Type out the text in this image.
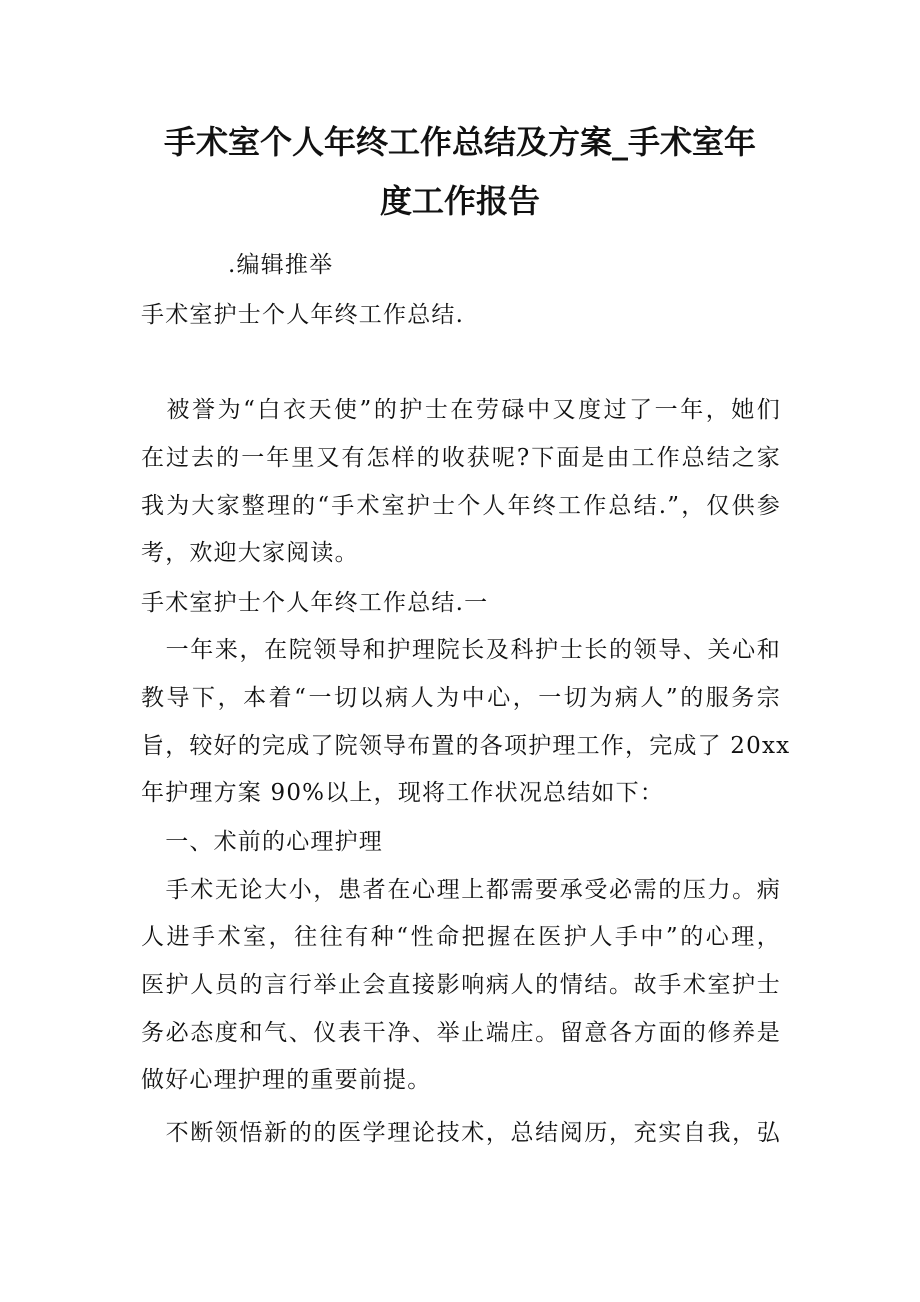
手术室个人年终工作总结及方案_手术室年
度工作报告
.编辑推举
手术室护士个人年终工作总结.
　被誉为“白衣天使”的护士在劳碌中又度过了一年，她们
在过去的一年里又有怎样的收获呢?下面是由工作总结之家
我为大家整理的“手术室护士个人年终工作总结.”，仅供参
考，欢迎大家阅读。
手术室护士个人年终工作总结.一
　一年来，在院领导和护理院长及科护士长的领导、关心和
教导下，本着“一切以病人为中心，一切为病人”的服务宗
旨，较好的完成了院领导布置的各项护理工作，完成了 20xx
年护理方案 90%以上，现将工作状况总结如下：
　一、术前的心理护理
　手术无论大小，患者在心理上都需要承受必需的压力。病
人进手术室，往往有种“性命把握在医护人手中”的心理，
医护人员的言行举止会直接影响病人的情结。故手术室护士
务必态度和气、仪表干净、举止端庄。留意各方面的修养是
做好心理护理的重要前提。
　不断领悟新的的医学理论技术，总结阅历，充实自我，弘
